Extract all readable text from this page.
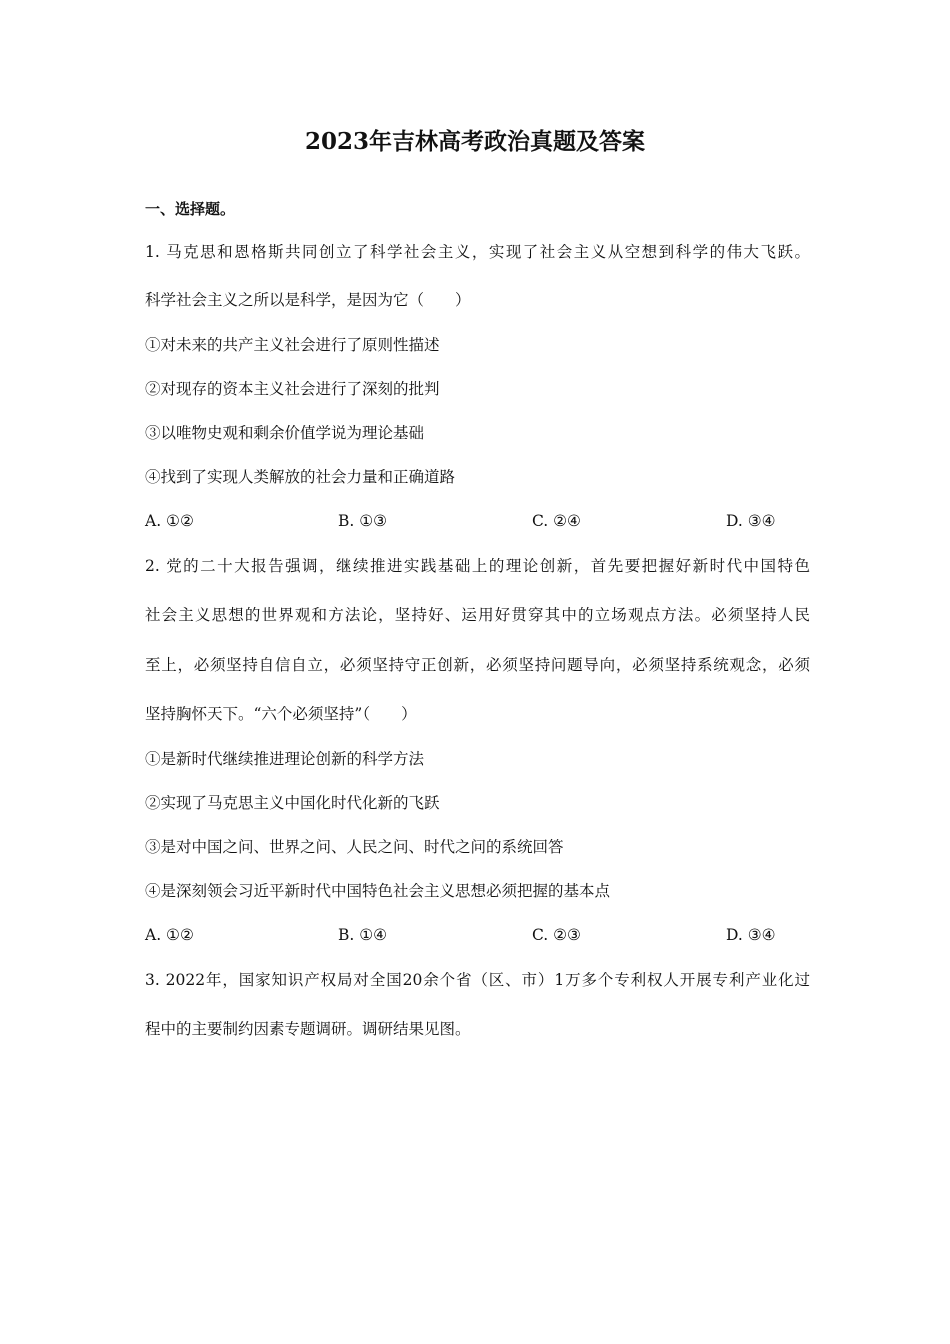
2023年吉林高考政治真题及答案
一、选择题。
1. 马克思和恩格斯共同创立了科学社会主义，实现了社会主义从空想到科学的伟大飞跃。
科学社会主义之所以是科学，是因为它（　　）
①对未来的共产主义社会进行了原则性描述
②对现存的资本主义社会进行了深刻的批判
③以唯物史观和剩余价值学说为理论基础
④找到了实现人类解放的社会力量和正确道路
A. ①②	B. ①③	C. ②④	D. ③④
2. 党的二十大报告强调，继续推进实践基础上的理论创新，首先要把握好新时代中国特色
社会主义思想的世界观和方法论，坚持好、运用好贯穿其中的立场观点方法。必须坚持人民
至上，必须坚持自信自立，必须坚持守正创新，必须坚持问题导向，必须坚持系统观念，必须
坚持胸怀天下。“六个必须坚持”（　　）
①是新时代继续推进理论创新的科学方法
②实现了马克思主义中国化时代化新的飞跃
③是对中国之问、世界之问、人民之问、时代之问的系统回答
④是深刻领会习近平新时代中国特色社会主义思想必须把握的基本点
A. ①②	B. ①④	C. ②③	D. ③④
3. 2022年，国家知识产权局对全国20余个省（区、市）1万多个专利权人开展专利产业化过
程中的主要制约因素专题调研。调研结果见图。
